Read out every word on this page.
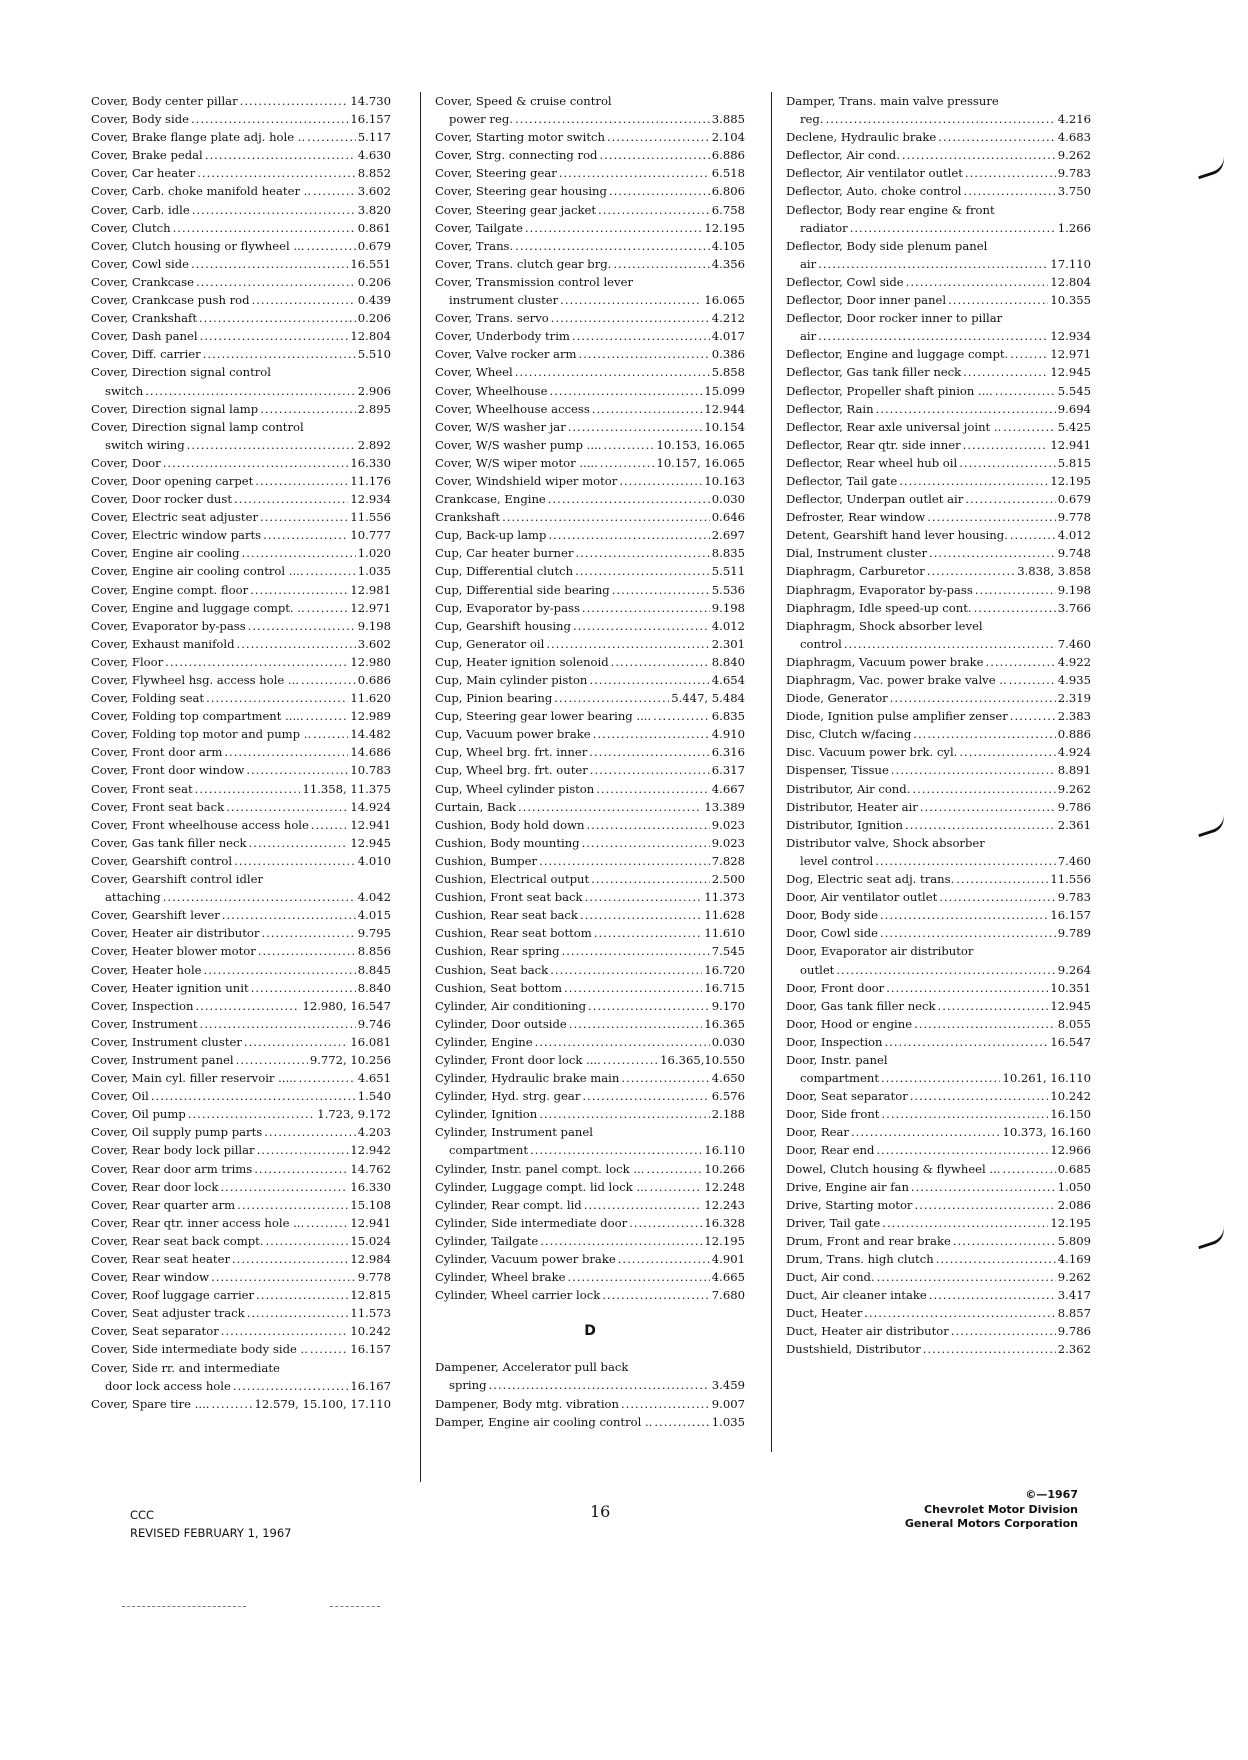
Cover, Body center pillar .....	14.730
Cover, Body side .....	16.157
Cover, Brake flange plate adj. hole .. .....	5.117
Cover, Brake pedal .....	4.630
Cover, Car heater .....	8.852
Cover, Carb. choke manifold heater .. .....	3.602
Cover, Carb. idle .....	3.820
Cover, Clutch .....	0.861
Cover, Clutch housing or flywheel ... .....	0.679
Cover, Cowl side .....	16.551
Cover, Crankcase .....	0.206
Cover, Crankcase push rod .....	0.439
Cover, Crankshaft .....	0.206
Cover, Dash panel .....	12.804
Cover, Diff. carrier .....	5.510
Cover, Direction signal control
switch .....	2.906
Cover, Direction signal lamp .....	2.895
Cover, Direction signal lamp control
switch wiring .....	2.892
Cover, Door .....	16.330
Cover, Door opening carpet .....	11.176
Cover, Door rocker dust .....	12.934
Cover, Electric seat adjuster .....	11.556
Cover, Electric window parts .....	10.777
Cover, Engine air cooling .....	1.020
Cover, Engine air cooling control .... .....	1.035
Cover, Engine compt. floor .....	12.981
Cover, Engine and luggage compt. .. .....	12.971
Cover, Evaporator by-pass .....	9.198
Cover, Exhaust manifold .....	3.602
Cover, Floor .....	12.980
Cover, Flywheel hsg. access hole ... .....	0.686
Cover, Folding seat .....	11.620
Cover, Folding top compartment ..... .....	12.989
Cover, Folding top motor and pump .. .....	14.482
Cover, Front door arm .....	14.686
Cover, Front door window .....	10.783
Cover, Front seat .....	11.358, 11.375
Cover, Front seat back .....	14.924
Cover, Front wheelhouse access hole .....	12.941
Cover, Gas tank filler neck .....	12.945
Cover, Gearshift control .....	4.010
Cover, Gearshift control idler
attaching .....	4.042
Cover, Gearshift lever .....	4.015
Cover, Heater air distributor .....	9.795
Cover, Heater blower motor .....	8.856
Cover, Heater hole .....	8.845
Cover, Heater ignition unit .....	8.840
Cover, Inspection .....	12.980, 16.547
Cover, Instrument .....	9.746
Cover, Instrument cluster .....	16.081
Cover, Instrument panel .....	9.772, 10.256
Cover, Main cyl. filler reservoir ..... .....	4.651
Cover, Oil .....	1.540
Cover, Oil pump .....	1.723, 9.172
Cover, Oil supply pump parts .....	4.203
Cover, Rear body lock pillar .....	12.942
Cover, Rear door arm trims .....	14.762
Cover, Rear door lock .....	16.330
Cover, Rear quarter arm .....	15.108
Cover, Rear qtr. inner access hole ... .....	12.941
Cover, Rear seat back compt. .....	15.024
Cover, Rear seat heater .....	12.984
Cover, Rear window .....	9.778
Cover, Roof luggage carrier .....	12.815
Cover, Seat adjuster track .....	11.573
Cover, Seat separator .....	10.242
Cover, Side intermediate body side .. .....	16.157
Cover, Side rr. and intermediate
door lock access hole .....	16.167
Cover, Spare tire .... .....	12.579, 15.100, 17.110
Cover, Speed & cruise control
power reg. .....	3.885
Cover, Starting motor switch .....	2.104
Cover, Strg. connecting rod .....	6.886
Cover, Steering gear .....	6.518
Cover, Steering gear housing .....	6.806
Cover, Steering gear jacket .....	6.758
Cover, Tailgate .....	12.195
Cover, Trans. .....	4.105
Cover, Trans. clutch gear brg. .....	4.356
Cover, Transmission control lever
instrument cluster .....	16.065
Cover, Trans. servo .....	4.212
Cover, Underbody trim .....	4.017
Cover, Valve rocker arm .....	0.386
Cover, Wheel .....	5.858
Cover, Wheelhouse .....	15.099
Cover, Wheelhouse access .....	12.944
Cover, W/S washer jar .....	10.154
Cover, W/S washer pump .... .....	10.153, 16.065
Cover, W/S wiper motor ..... .....	10.157, 16.065
Cover, Windshield wiper motor .....	10.163
Crankcase, Engine .....	0.030
Crankshaft .....	0.646
Cup, Back-up lamp .....	2.697
Cup, Car heater burner .....	8.835
Cup, Differential clutch .....	5.511
Cup, Differential side bearing .....	5.536
Cup, Evaporator by-pass .....	9.198
Cup, Gearshift housing .....	4.012
Cup, Generator oil .....	2.301
Cup, Heater ignition solenoid .....	8.840
Cup, Main cylinder piston .....	4.654
Cup, Pinion bearing .....	5.447, 5.484
Cup, Steering gear lower bearing .... .....	6.835
Cup, Vacuum power brake .....	4.910
Cup, Wheel brg. frt. inner .....	6.316
Cup, Wheel brg. frt. outer .....	6.317
Cup, Wheel cylinder piston .....	4.667
Curtain, Back .....	13.389
Cushion, Body hold down .....	9.023
Cushion, Body mounting .....	9.023
Cushion, Bumper .....	7.828
Cushion, Electrical output .....	2.500
Cushion, Front seat back .....	11.373
Cushion, Rear seat back .....	11.628
Cushion, Rear seat bottom .....	11.610
Cushion, Rear spring .....	7.545
Cushion, Seat back .....	16.720
Cushion, Seat bottom .....	16.715
Cylinder, Air conditioning .....	9.170
Cylinder, Door outside .....	16.365
Cylinder, Engine .....	0.030
Cylinder, Front door lock .... .....	16.365,10.550
Cylinder, Hydraulic brake main .....	4.650
Cylinder, Hyd. strg. gear .....	6.576
Cylinder, Ignition .....	2.188
Cylinder, Instrument panel
compartment .....	16.110
Cylinder, Instr. panel compt. lock ... .....	10.266
Cylinder, Luggage compt. lid lock ... .....	12.248
Cylinder, Rear compt. lid .....	12.243
Cylinder, Side intermediate door .....	16.328
Cylinder, Tailgate .....	12.195
Cylinder, Vacuum power brake .....	4.901
Cylinder, Wheel brake .....	4.665
Cylinder, Wheel carrier lock .....	7.680
D
Dampener, Accelerator pull back
spring .....	3.459
Dampener, Body mtg. vibration .....	9.007
Damper, Engine air cooling control .. .....	1.035
Damper, Trans. main valve pressure
reg. .....	4.216
Declene, Hydraulic brake .....	4.683
Deflector, Air cond. .....	9.262
Deflector, Air ventilator outlet .....	9.783
Deflector, Auto. choke control .....	3.750
Deflector, Body rear engine & front
radiator .....	1.266
Deflector, Body side plenum panel
air .....	17.110
Deflector, Cowl side .....	12.804
Deflector, Door inner panel .....	10.355
Deflector, Door rocker inner to pillar
air .....	12.934
Deflector, Engine and luggage compt. .....	12.971
Deflector, Gas tank filler neck .....	12.945
Deflector, Propeller shaft pinion .... .....	5.545
Deflector, Rain .....	9.694
Deflector, Rear axle universal joint .. .....	5.425
Deflector, Rear qtr. side inner .....	12.941
Deflector, Rear wheel hub oil .....	5.815
Deflector, Tail gate .....	12.195
Deflector, Underpan outlet air .....	0.679
Defroster, Rear window .....	9.778
Detent, Gearshift hand lever housing. .....	4.012
Dial, Instrument cluster .....	9.748
Diaphragm, Carburetor .....	3.838, 3.858
Diaphragm, Evaporator by-pass .....	9.198
Diaphragm, Idle speed-up cont. .....	3.766
Diaphragm, Shock absorber level
control .....	7.460
Diaphragm, Vacuum power brake .....	4.922
Diaphragm, Vac. power brake valve .. .....	4.935
Diode, Generator .....	2.319
Diode, Ignition pulse amplifier zenser .....	2.383
Disc, Clutch w/facing .....	0.886
Disc. Vacuum power brk. cyl. .....	4.924
Dispenser, Tissue .....	8.891
Distributor, Air cond. .....	9.262
Distributor, Heater air .....	9.786
Distributor, Ignition .....	2.361
Distributor valve, Shock absorber
level control .....	7.460
Dog, Electric seat adj. trans. .....	11.556
Door, Air ventilator outlet .....	9.783
Door, Body side .....	16.157
Door, Cowl side .....	9.789
Door, Evaporator air distributor
outlet .....	9.264
Door, Front door .....	10.351
Door, Gas tank filler neck .....	12.945
Door, Hood or engine .....	8.055
Door, Inspection .....	16.547
Door, Instr. panel
compartment .....	10.261, 16.110
Door, Seat separator .....	10.242
Door, Side front .....	16.150
Door, Rear .....	10.373, 16.160
Door, Rear end .....	12.966
Dowel, Clutch housing & flywheel ... .....	0.685
Drive, Engine air fan .....	1.050
Drive, Starting motor .....	2.086
Driver, Tail gate .....	12.195
Drum, Front and rear brake .....	5.809
Drum, Trans. high clutch .....	4.169
Duct, Air cond. .....	9.262
Duct, Air cleaner intake .....	3.417
Duct, Heater .....	8.857
Duct, Heater air distributor .....	9.786
Dustshield, Distributor .....	2.362
CCC
REVISED FEBRUARY 1, 1967
16
©—1967
Chevrolet Motor Division
General Motors Corporation
